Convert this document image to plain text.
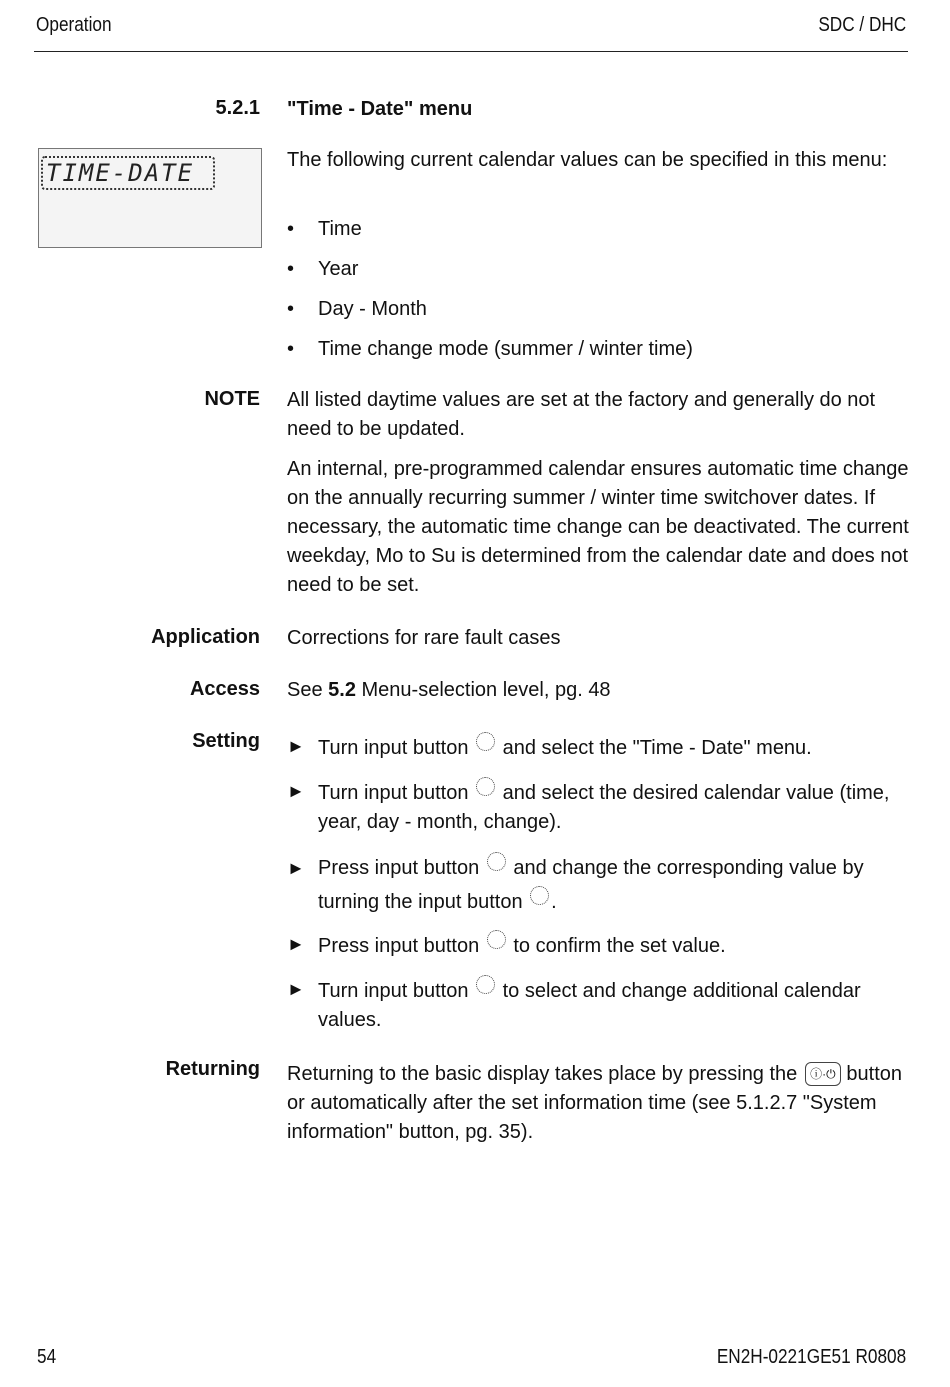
Operation	SDC / DHC
5.2.1 "Time - Date" menu
TIME-DATE	The following current calendar values can be specified in this menu:
• Time
• Year
• Day - Month
• Time change mode (summer / winter time)
NOTE All listed daytime values are set at the factory and generally do not need to be updated.
An internal, pre-programmed calendar ensures automatic time change on the annually recurring summer / winter time switchover dates. If necessary, the automatic time change can be deactivated. The current weekday, Mo to Su is determined from the calendar date and does not need to be set.
Application Corrections for rare fault cases
Access See 5.2 Menu-selection level, pg. 48
Setting ► Turn input button  and select the "Time - Date" menu.
► Turn input button  and select the desired calendar value (time, year, day - month, change).
► Press input button  and change the corresponding value by turning the input button .
► Press input button  to confirm the set value.
► Turn input button  to select and change additional calendar values.
Returning Returning to the basic display takes place by pressing the ⓘ·⏻ button or automatically after the set information time (see 5.1.2.7 "System information" button, pg. 35).
54	EN2H-0221GE51 R0808
